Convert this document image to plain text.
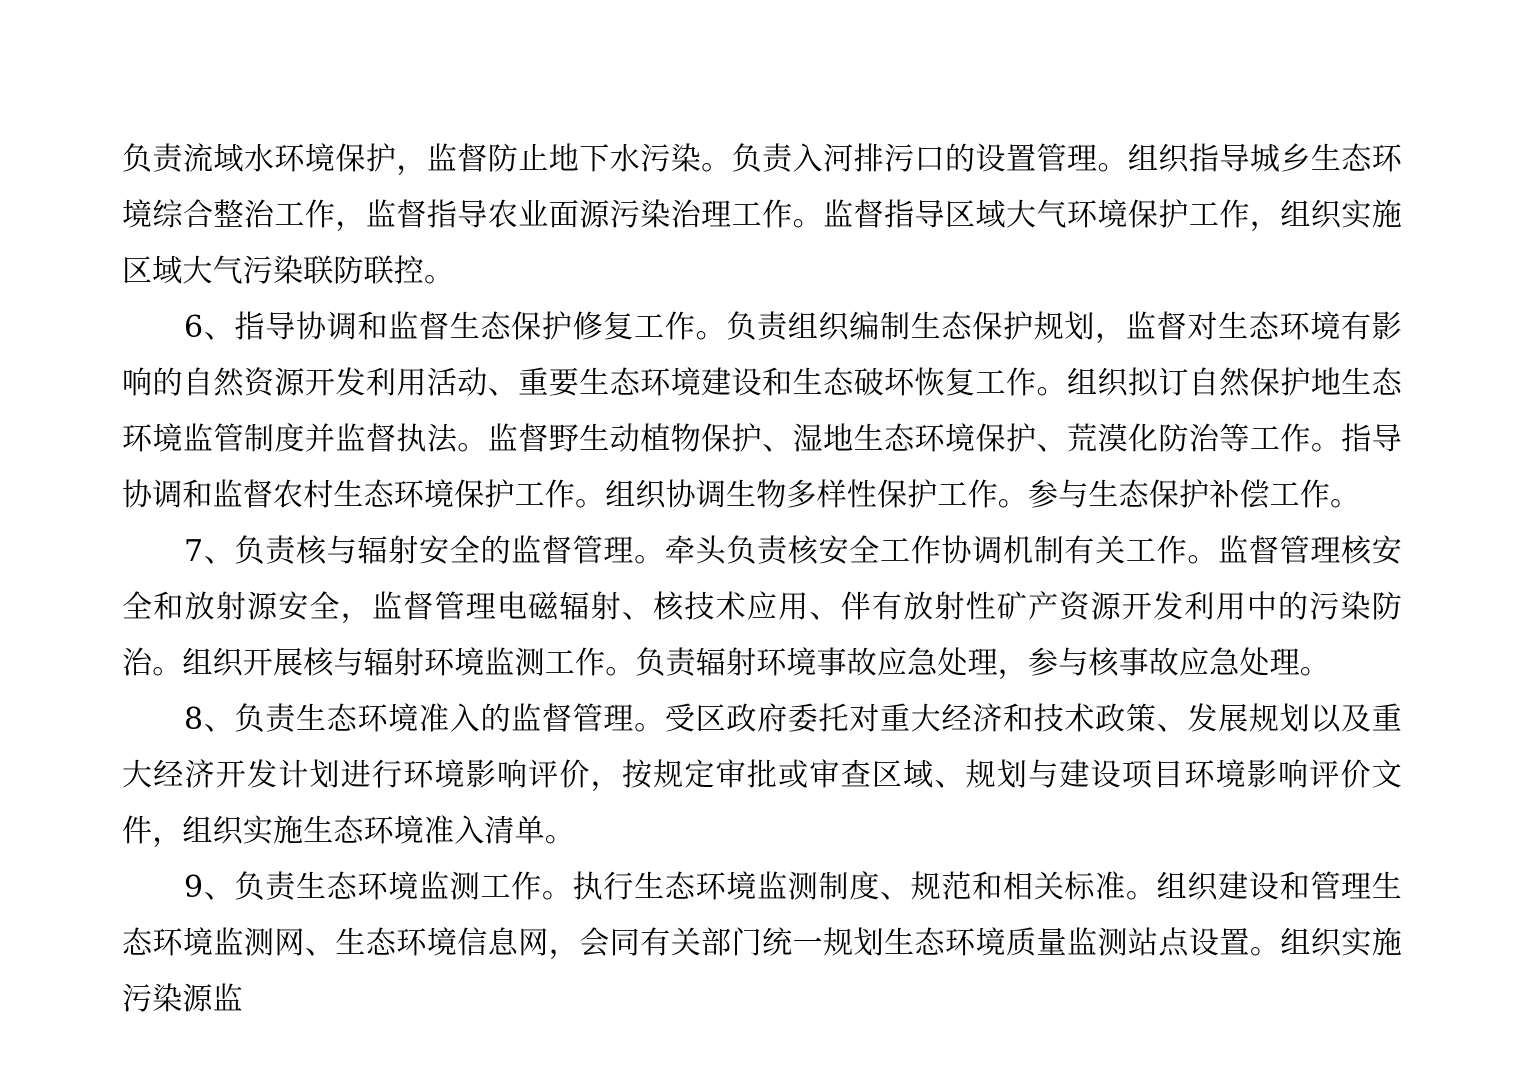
负责流域水环境保护，监督防止地下水污染。负责入河排污口的设置管理。组织指导城乡生态环境综合整治工作，监督指导农业面源污染治理工作。监督指导区域大气环境保护工作，组织实施区域大气污染联防联控。

6、指导协调和监督生态保护修复工作。负责组织编制生态保护规划，监督对生态环境有影响的自然资源开发利用活动、重要生态环境建设和生态破坏恢复工作。组织拟订自然保护地生态环境监管制度并监督执法。监督野生动植物保护、湿地生态环境保护、荒漠化防治等工作。指导协调和监督农村生态环境保护工作。组织协调生物多样性保护工作。参与生态保护补偿工作。

7、负责核与辐射安全的监督管理。牵头负责核安全工作协调机制有关工作。监督管理核安全和放射源安全，监督管理电磁辐射、核技术应用、伴有放射性矿产资源开发利用中的污染防治。组织开展核与辐射环境监测工作。负责辐射环境事故应急处理，参与核事故应急处理。

8、负责生态环境准入的监督管理。受区政府委托对重大经济和技术政策、发展规划以及重大经济开发计划进行环境影响评价，按规定审批或审查区域、规划与建设项目环境影响评价文件，组织实施生态环境准入清单。

9、负责生态环境监测工作。执行生态环境监测制度、规范和相关标准。组织建设和管理生态环境监测网、生态环境信息网，会同有关部门统一规划生态环境质量监测站点设置。组织实施污染源监
